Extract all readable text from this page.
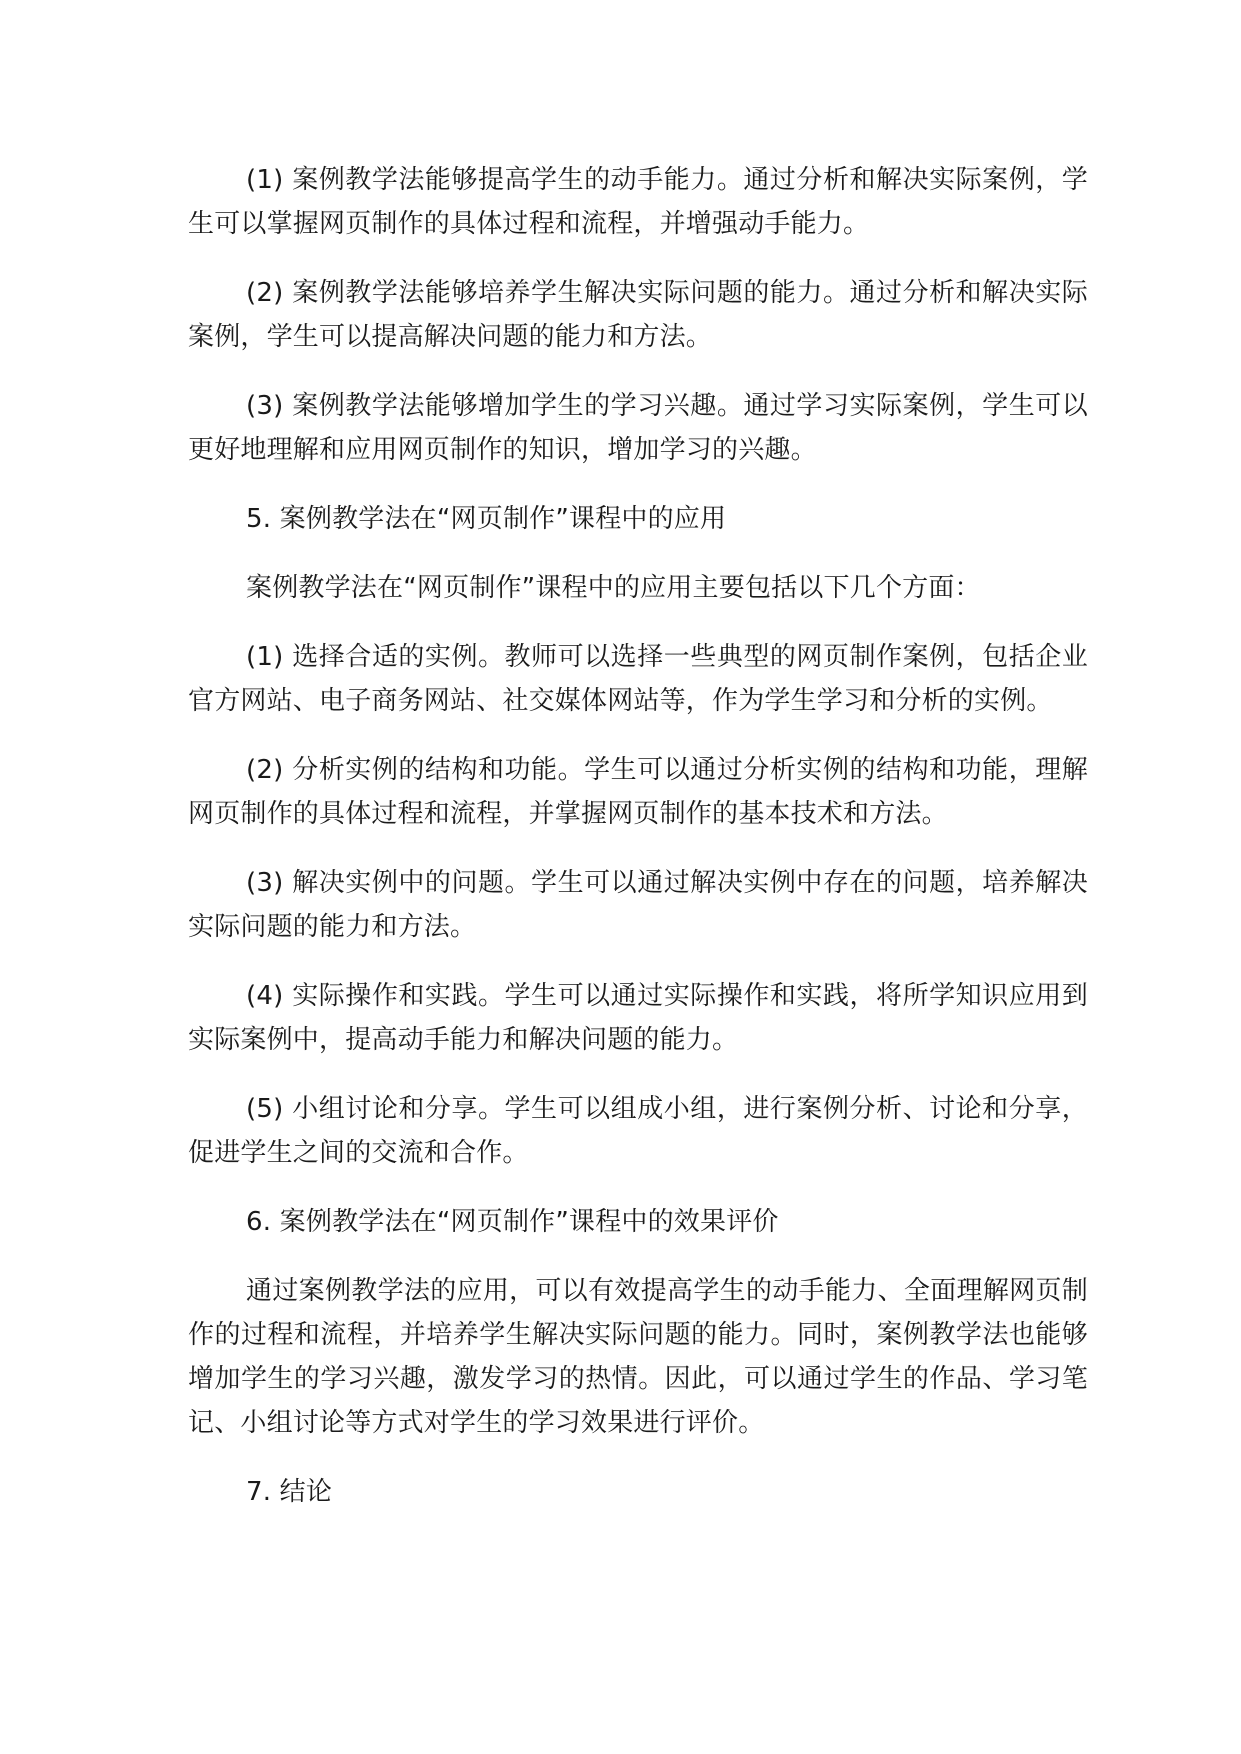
(1) 案例教学法能够提高学生的动手能力。通过分析和解决实际案例，学生可以掌握网页制作的具体过程和流程，并增强动手能力。

(2) 案例教学法能够培养学生解决实际问题的能力。通过分析和解决实际案例，学生可以提高解决问题的能力和方法。

(3) 案例教学法能够增加学生的学习兴趣。通过学习实际案例，学生可以更好地理解和应用网页制作的知识，增加学习的兴趣。

5. 案例教学法在“网页制作”课程中的应用

案例教学法在“网页制作”课程中的应用主要包括以下几个方面：

(1) 选择合适的实例。教师可以选择一些典型的网页制作案例，包括企业官方网站、电子商务网站、社交媒体网站等，作为学生学习和分析的实例。

(2) 分析实例的结构和功能。学生可以通过分析实例的结构和功能，理解网页制作的具体过程和流程，并掌握网页制作的基本技术和方法。

(3) 解决实例中的问题。学生可以通过解决实例中存在的问题，培养解决实际问题的能力和方法。

(4) 实际操作和实践。学生可以通过实际操作和实践，将所学知识应用到实际案例中，提高动手能力和解决问题的能力。

(5) 小组讨论和分享。学生可以组成小组，进行案例分析、讨论和分享，促进学生之间的交流和合作。

6. 案例教学法在“网页制作”课程中的效果评价

通过案例教学法的应用，可以有效提高学生的动手能力、全面理解网页制作的过程和流程，并培养学生解决实际问题的能力。同时，案例教学法也能够增加学生的学习兴趣，激发学习的热情。因此，可以通过学生的作品、学习笔记、小组讨论等方式对学生的学习效果进行评价。

7. 结论
